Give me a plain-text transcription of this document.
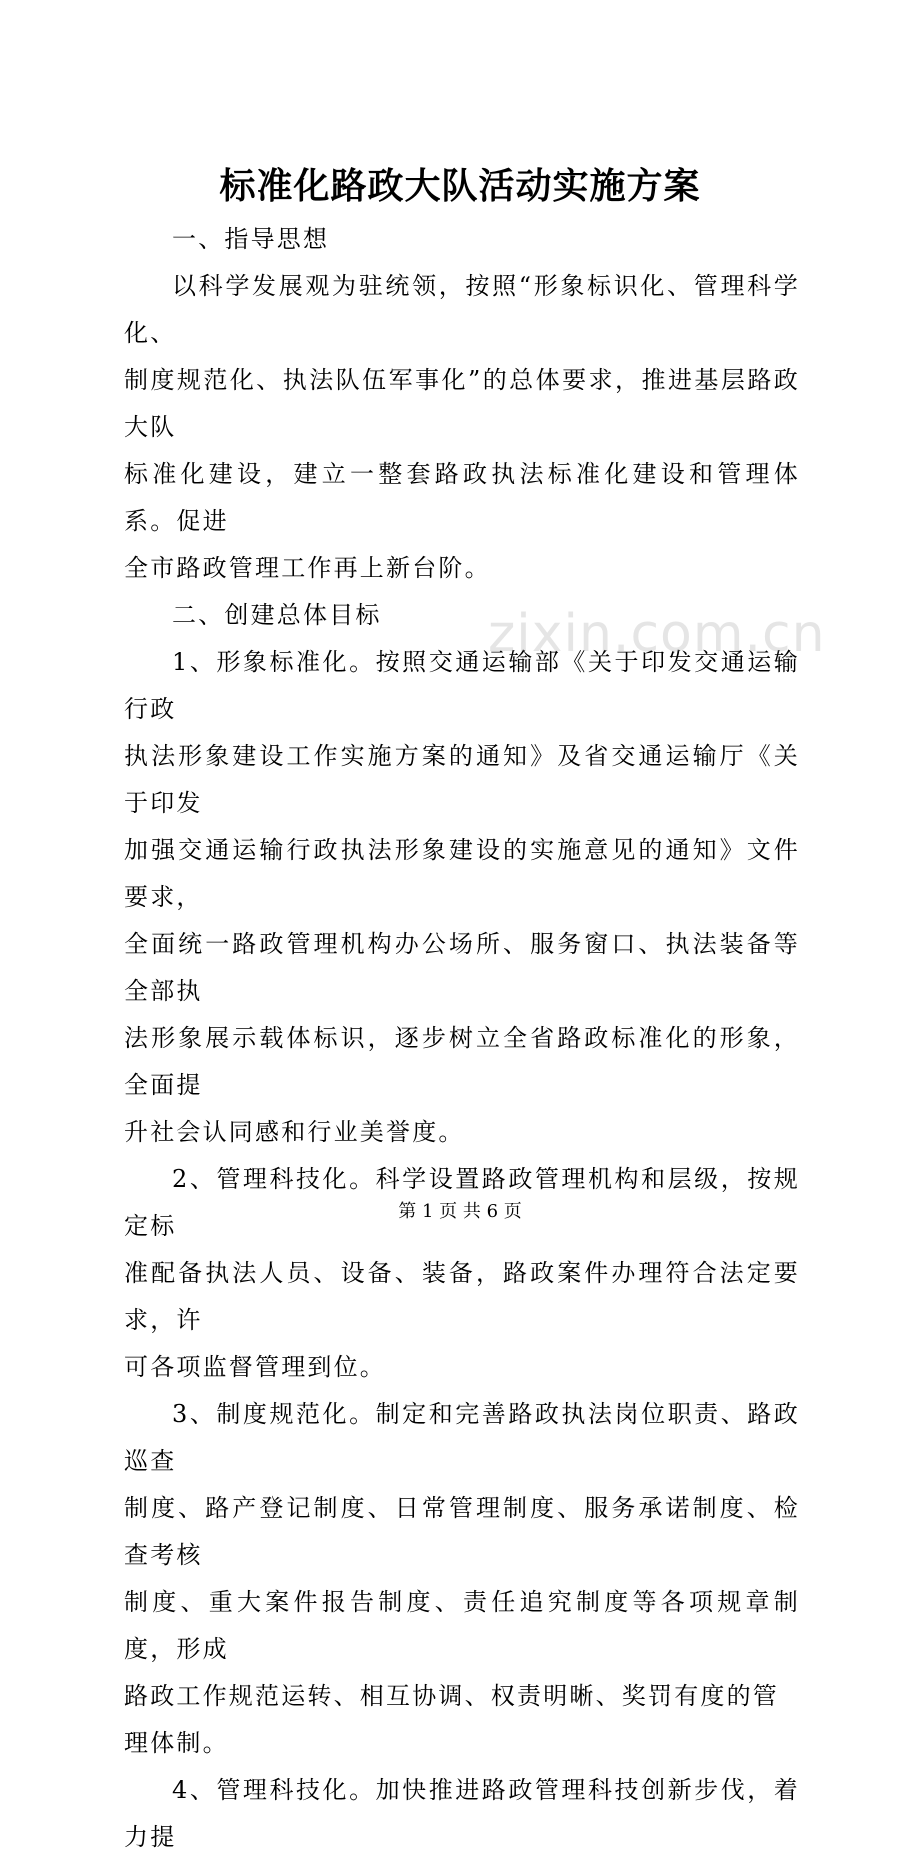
标准化路政大队活动实施方案

一、指导思想

以科学发展观为驻统领，按照“形象标识化、管理科学化、
制度规范化、执法队伍军事化”的总体要求，推进基层路政大队
标准化建设，建立一整套路政执法标准化建设和管理体系。促进
全市路政管理工作再上新台阶。

二、创建总体目标

1、形象标准化。按照交通运输部《关于印发交通运输行政
执法形象建设工作实施方案的通知》及省交通运输厅《关于印发
加强交通运输行政执法形象建设的实施意见的通知》文件要求，
全面统一路政管理机构办公场所、服务窗口、执法装备等全部执
法形象展示载体标识，逐步树立全省路政标准化的形象，全面提
升社会认同感和行业美誉度。

2、管理科技化。科学设置路政管理机构和层级，按规定标
准配备执法人员、设备、装备，路政案件办理符合法定要求，许
可各项监督管理到位。

3、制度规范化。制定和完善路政执法岗位职责、路政巡查
制度、路产登记制度、日常管理制度、服务承诺制度、检查考核
制度、重大案件报告制度、责任追究制度等各项规章制度，形成
路政工作规范运转、相互协调、权责明晰、奖罚有度的管理体制。

4、管理科技化。加快推进路政管理科技创新步伐，着力提

zixin.com.cn
第 1 页 共 6 页
